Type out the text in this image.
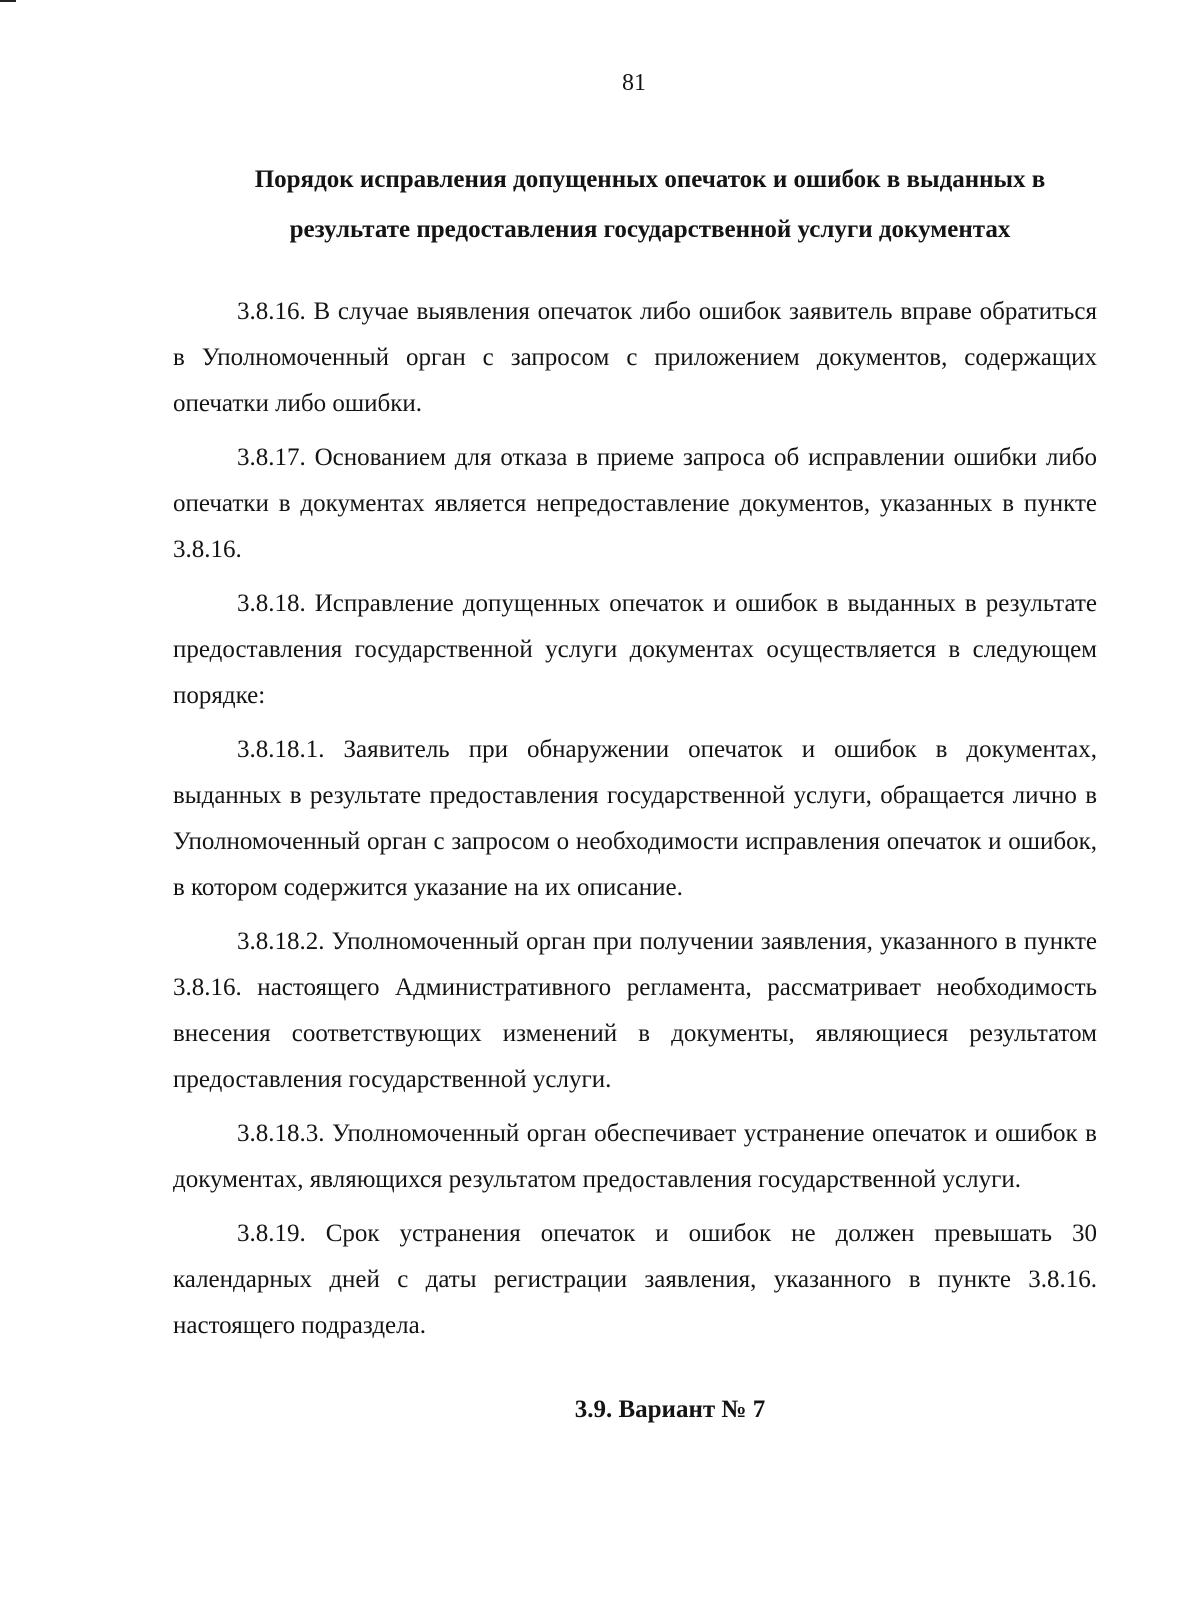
81
Порядок исправления допущенных опечаток и ошибок в выданных в
результате предоставления государственной услуги документах

3.8.16. В случае выявления опечаток либо ошибок заявитель вправе обратиться в Уполномоченный орган с запросом с приложением документов, содержащих опечатки либо ошибки.

3.8.17. Основанием для отказа в приеме запроса об исправлении ошибки либо опечатки в документах является непредоставление документов, указанных в пункте 3.8.16.

3.8.18. Исправление допущенных опечаток и ошибок в выданных в результате предоставления государственной услуги документах осуществляется в следующем порядке:

3.8.18.1. Заявитель при обнаружении опечаток и ошибок в документах, выданных в результате предоставления государственной услуги, обращается лично в Уполномоченный орган с запросом о необходимости исправления опечаток и ошибок, в котором содержится указание на их описание.

3.8.18.2. Уполномоченный орган при получении заявления, указанного в пункте 3.8.16. настоящего Административного регламента, рассматривает необходимость внесения соответствующих изменений в документы, являющиеся результатом предоставления государственной услуги.

3.8.18.3. Уполномоченный орган обеспечивает устранение опечаток и ошибок в документах, являющихся результатом предоставления государственной услуги.

3.8.19. Срок устранения опечаток и ошибок не должен превышать 30 календарных дней с даты регистрации заявления, указанного в пункте 3.8.16. настоящего подраздела.

3.9. Вариант № 7
